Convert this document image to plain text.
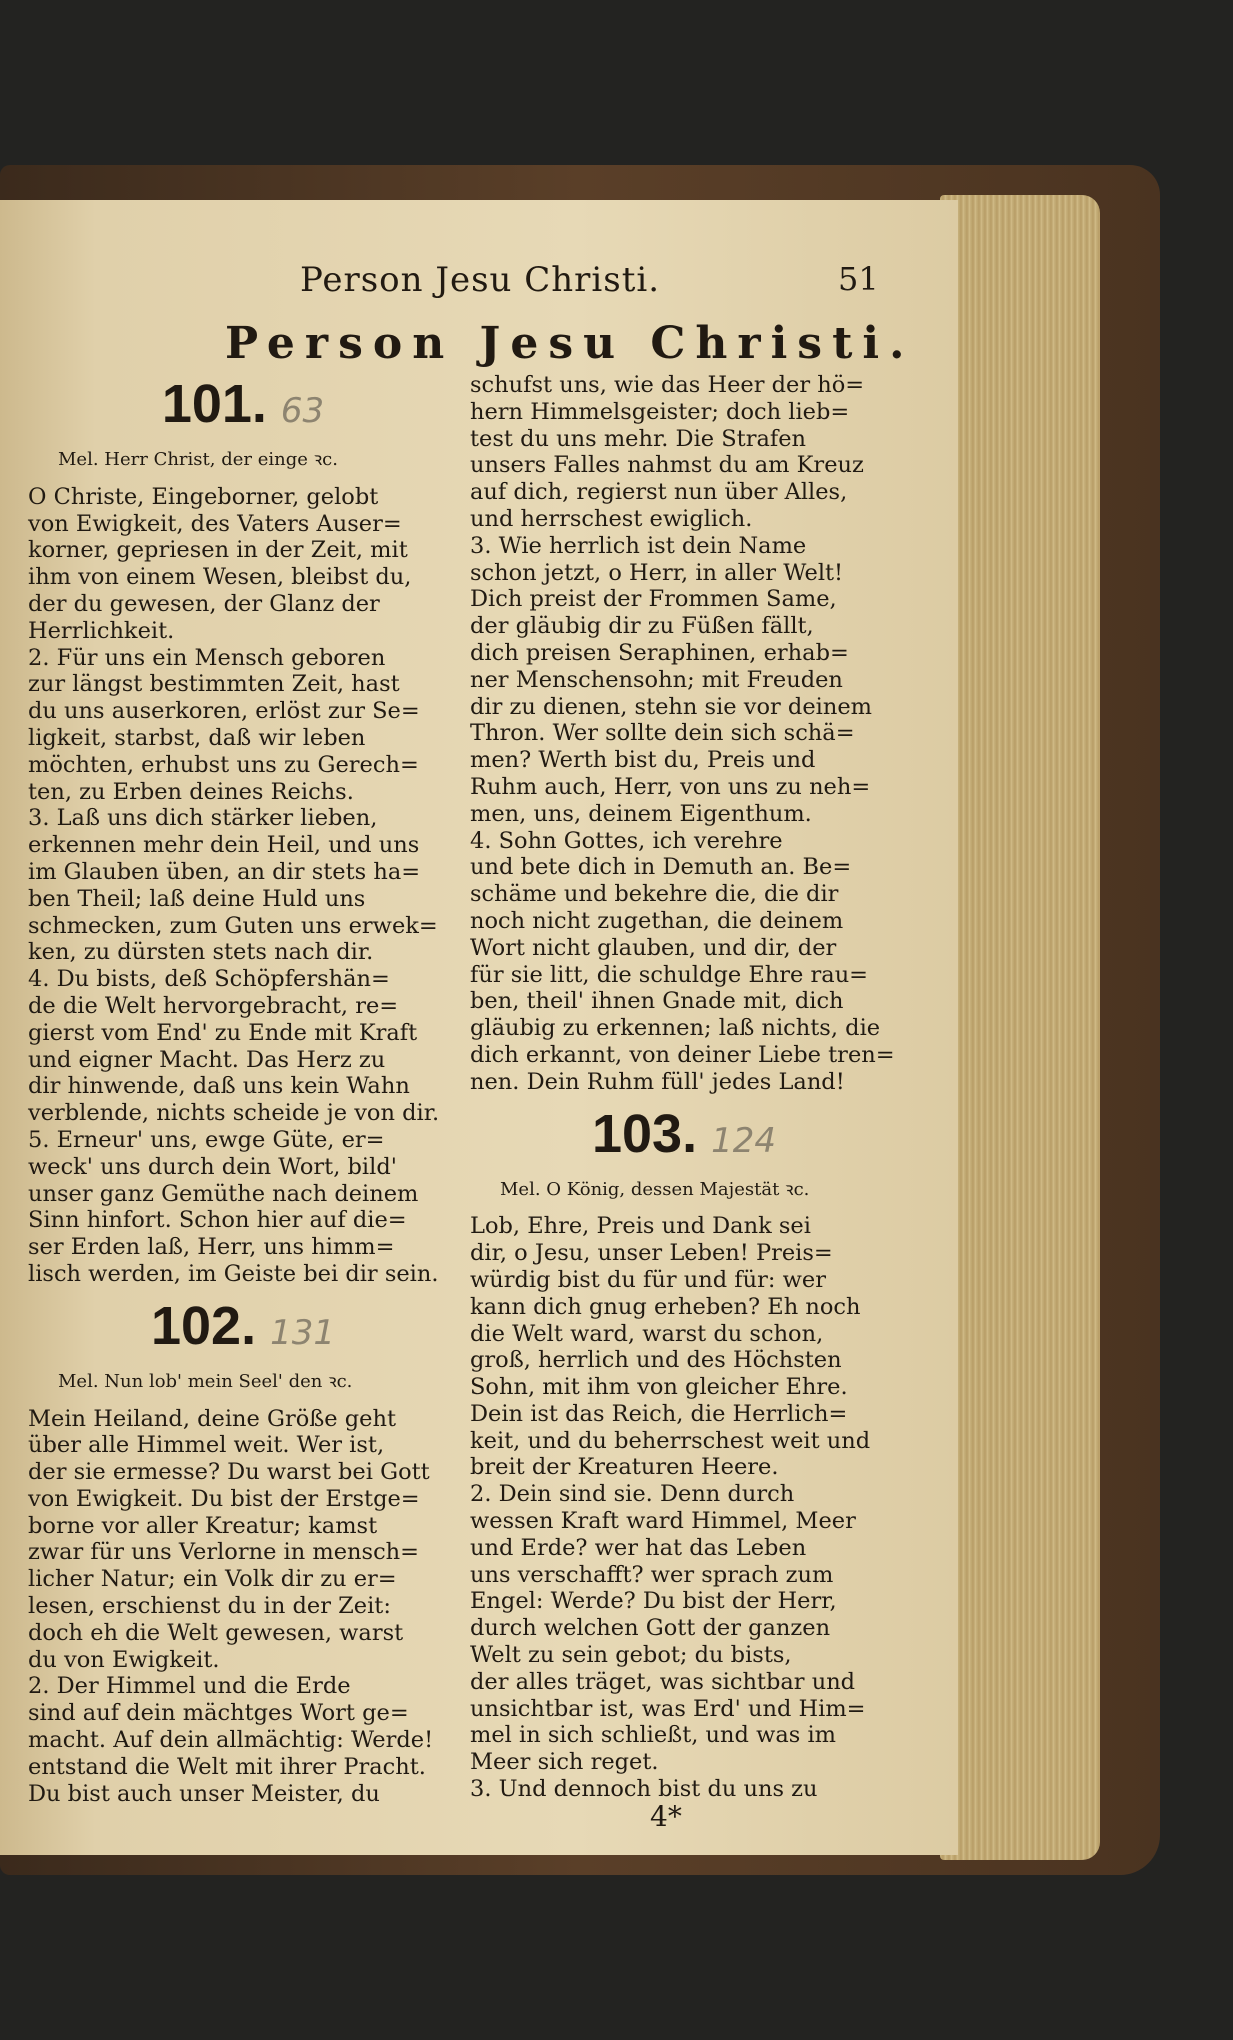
Person Jesu Christi.	51
Person Jesu Christi.
101. 63
Mel. Herr Christ, der einge ꝛc.

O Christe, Eingeborner, gelobt

von Ewigkeit, des Vaters Auser=

korner, gepriesen in der Zeit, mit

ihm von einem Wesen, bleibst du,

der du gewesen, der Glanz der

Herrlichkeit.

2. Für uns ein Mensch geboren

zur längst bestimmten Zeit, hast

du uns auserkoren, erlöst zur Se=

ligkeit, starbst, daß wir leben

möchten, erhubst uns zu Gerech=

ten, zu Erben deines Reichs.

3. Laß uns dich stärker lieben,

erkennen mehr dein Heil, und uns

im Glauben üben, an dir stets ha=

ben Theil; laß deine Huld uns

schmecken, zum Guten uns erwek=

ken, zu dürsten stets nach dir.

4. Du bists, deß Schöpfershän=

de die Welt hervorgebracht, re=

gierst vom End' zu Ende mit Kraft

und eigner Macht. Das Herz zu

dir hinwende, daß uns kein Wahn

verblende, nichts scheide je von dir.

5. Erneur' uns, ewge Güte, er=

weck' uns durch dein Wort, bild'

unser ganz Gemüthe nach deinem

Sinn hinfort. Schon hier auf die=

ser Erden laß, Herr, uns himm=

lisch werden, im Geiste bei dir sein.

102. 131
Mel. Nun lob' mein Seel' den ꝛc.

Mein Heiland, deine Größe geht

über alle Himmel weit. Wer ist,

der sie ermesse? Du warst bei Gott

von Ewigkeit. Du bist der Erstge=

borne vor aller Kreatur; kamst

zwar für uns Verlorne in mensch=

licher Natur; ein Volk dir zu er=

lesen, erschienst du in der Zeit:

doch eh die Welt gewesen, warst

du von Ewigkeit.

2. Der Himmel und die Erde

sind auf dein mächtges Wort ge=

macht. Auf dein allmächtig: Werde!

entstand die Welt mit ihrer Pracht.

Du bist auch unser Meister, du

schufst uns, wie das Heer der hö=

hern Himmelsgeister; doch lieb=

test du uns mehr. Die Strafen

unsers Falles nahmst du am Kreuz

auf dich, regierst nun über Alles,

und herrschest ewiglich.

3. Wie herrlich ist dein Name

schon jetzt, o Herr, in aller Welt!

Dich preist der Frommen Same,

der gläubig dir zu Füßen fällt,

dich preisen Seraphinen, erhab=

ner Menschensohn; mit Freuden

dir zu dienen, stehn sie vor deinem

Thron. Wer sollte dein sich schä=

men? Werth bist du, Preis und

Ruhm auch, Herr, von uns zu neh=

men, uns, deinem Eigenthum.

4. Sohn Gottes, ich verehre

und bete dich in Demuth an. Be=

schäme und bekehre die, die dir

noch nicht zugethan, die deinem

Wort nicht glauben, und dir, der

für sie litt, die schuldge Ehre rau=

ben, theil' ihnen Gnade mit, dich

gläubig zu erkennen; laß nichts, die

dich erkannt, von deiner Liebe tren=

nen. Dein Ruhm füll' jedes Land!

103. 124
Mel. O König, dessen Majestät ꝛc.

Lob, Ehre, Preis und Dank sei

dir, o Jesu, unser Leben! Preis=

würdig bist du für und für: wer

kann dich gnug erheben? Eh noch

die Welt ward, warst du schon,

groß, herrlich und des Höchsten

Sohn, mit ihm von gleicher Ehre.

Dein ist das Reich, die Herrlich=

keit, und du beherrschest weit und

breit der Kreaturen Heere.

2. Dein sind sie. Denn durch

wessen Kraft ward Himmel, Meer

und Erde? wer hat das Leben

uns verschafft? wer sprach zum

Engel: Werde? Du bist der Herr,

durch welchen Gott der ganzen

Welt zu sein gebot; du bists,

der alles träget, was sichtbar und

unsichtbar ist, was Erd' und Him=

mel in sich schließt, und was im

Meer sich reget.

3. Und dennoch bist du uns zu

4*
